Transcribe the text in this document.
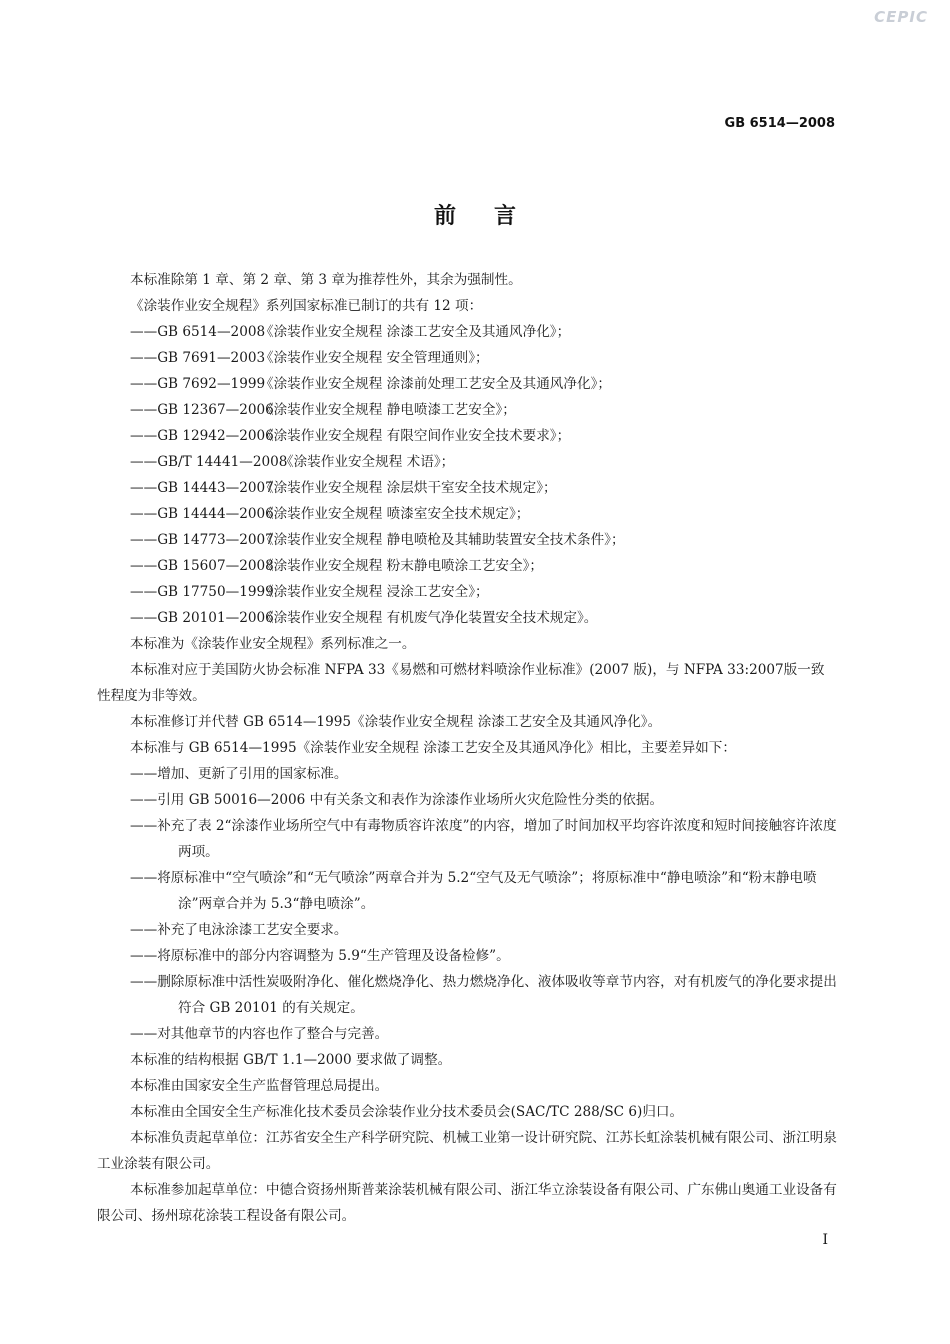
CEPIC
GB 6514—2008
前言

本标准除第 1 章、第 2 章、第 3 章为推荐性外，其余为强制性。

《涂装作业安全规程》系列国家标准已制订的共有 12 项：

——GB 6514—2008《涂装作业安全规程 涂漆工艺安全及其通风净化》；

——GB 7691—2003《涂装作业安全规程 安全管理通则》；

——GB 7692—1999《涂装作业安全规程 涂漆前处理工艺安全及其通风净化》；

——GB 12367—2006《涂装作业安全规程 静电喷漆工艺安全》；

——GB 12942—2006《涂装作业安全规程 有限空间作业安全技术要求》；

——GB/T 14441—2008《涂装作业安全规程 术语》；

——GB 14443—2007《涂装作业安全规程 涂层烘干室安全技术规定》；

——GB 14444—2006《涂装作业安全规程 喷漆室安全技术规定》；

——GB 14773—2007《涂装作业安全规程 静电喷枪及其辅助装置安全技术条件》；

——GB 15607—2008《涂装作业安全规程 粉末静电喷涂工艺安全》；

——GB 17750—1999《涂装作业安全规程 浸涂工艺安全》；

——GB 20101—2006《涂装作业安全规程 有机废气净化装置安全技术规定》。

本标准为《涂装作业安全规程》系列标准之一。

本标准对应于美国防火协会标准 NFPA 33《易燃和可燃材料喷涂作业标准》(2007 版)，与 NFPA 33:2007版一致性程度为非等效。

本标准修订并代替 GB 6514—1995《涂装作业安全规程 涂漆工艺安全及其通风净化》。

本标准与 GB 6514—1995《涂装作业安全规程 涂漆工艺安全及其通风净化》相比，主要差异如下：

——增加、更新了引用的国家标准。

——引用 GB 50016—2006 中有关条文和表作为涂漆作业场所火灾危险性分类的依据。

——补充了表 2“涂漆作业场所空气中有毒物质容许浓度”的内容，增加了时间加权平均容许浓度和短时间接触容许浓度两项。

——将原标准中“空气喷涂”和“无气喷涂”两章合并为 5.2“空气及无气喷涂”；将原标准中“静电喷涂”和“粉末静电喷涂”两章合并为 5.3“静电喷涂”。

——补充了电泳涂漆工艺安全要求。

——将原标准中的部分内容调整为 5.9“生产管理及设备检修”。

——删除原标准中活性炭吸附净化、催化燃烧净化、热力燃烧净化、液体吸收等章节内容，对有机废气的净化要求提出符合 GB 20101 的有关规定。

——对其他章节的内容也作了整合与完善。

本标准的结构根据 GB/T 1.1—2000 要求做了调整。

本标准由国家安全生产监督管理总局提出。

本标准由全国安全生产标准化技术委员会涂装作业分技术委员会(SAC/TC 288/SC 6)归口。

本标准负责起草单位：江苏省安全生产科学研究院、机械工业第一设计研究院、江苏长虹涂装机械有限公司、浙江明泉工业涂装有限公司。

本标准参加起草单位：中德合资扬州斯普莱涂装机械有限公司、浙江华立涂装设备有限公司、广东佛山奥通工业设备有限公司、扬州琼花涂装工程设备有限公司。

I
